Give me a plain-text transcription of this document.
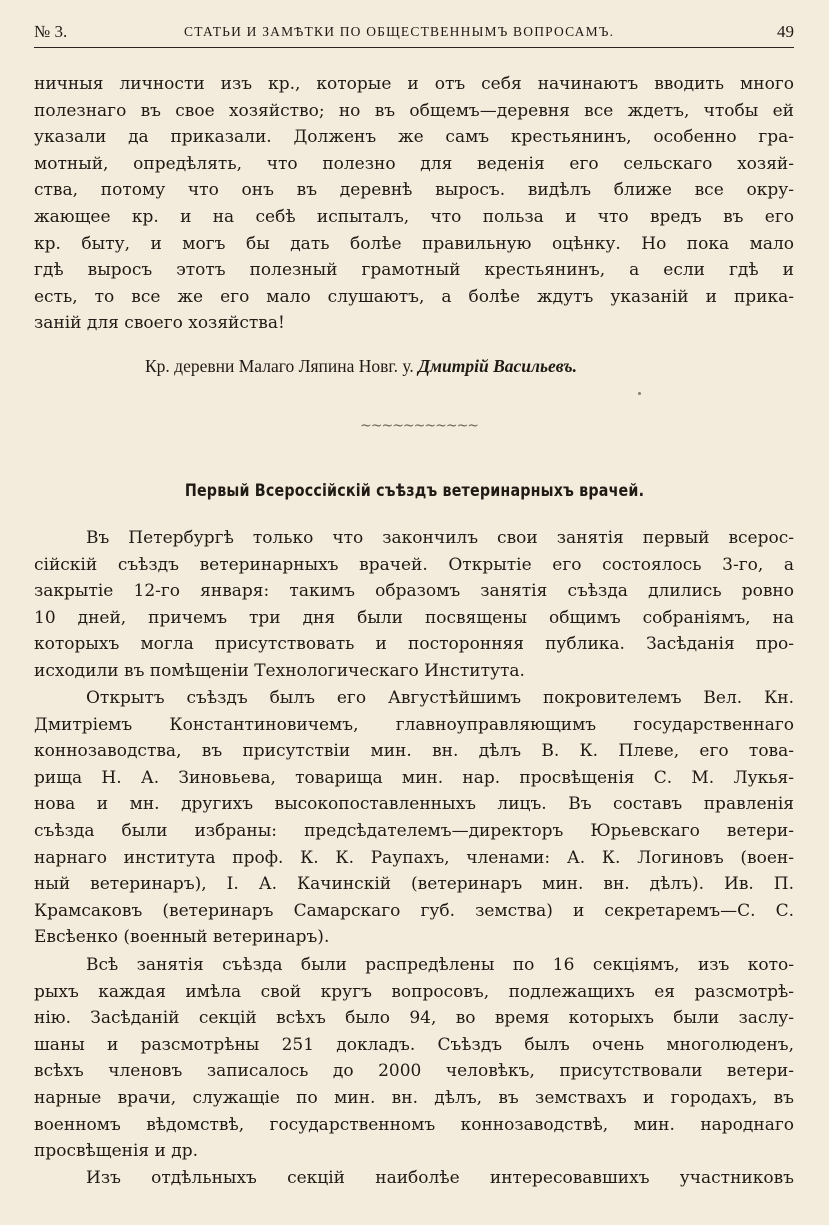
№ 3.	СТАТЬИ И ЗАМѢТКИ ПО ОБЩЕСТВЕННЫМЪ ВОПРОСАМЪ.	49
ничныя личности изъ кр., которые и отъ себя начинаютъ вводить много
полезнаго въ свое хозяйство; но въ общемъ—деревня все ждетъ, чтобы ей
указали да приказали. Долженъ же самъ крестьянинъ, особенно гра-
мотный, опредѣлять, что полезно для веденія его сельскаго хозяй-
ства, потому что онъ въ деревнѣ выросъ. видѣлъ ближе все окру-
жающее кр. и на себѣ испыталъ, что польза и что вредъ въ его
кр. быту, и могъ бы дать болѣе правильную оцѣнку. Но пока мало
гдѣ выросъ этотъ полезный грамотный крестьянинъ, а если гдѣ и
есть, то все же его мало слушаютъ, а болѣе ждутъ указаній и прика-
заній для своего хозяйства!
Кр. деревни Малаго Ляпина Новг. у. Дмитрій Васильевъ.
~~~~~~~~~~~
Первый Всероссійскій съѣздъ ветеринарныхъ врачей.
Въ Петербургѣ только что закончилъ свои занятія первый всерос-
сійскій съѣздъ ветеринарныхъ врачей. Открытіе его состоялось 3-го, а
закрытіе 12-го января: такимъ образомъ занятія съѣзда длились ровно
10 дней, причемъ три дня были посвящены общимъ собраніямъ, на
которыхъ могла присутствовать и посторонняя публика. Засѣданія про-
исходили въ помѣщеніи Технологическаго Института.
Открытъ съѣздъ былъ его Августѣйшимъ покровителемъ Вел. Кн.
Дмитріемъ Константиновичемъ, главноуправляющимъ государственнаго
коннозаводства, въ присутствіи мин. вн. дѣлъ В. К. Плеве, его това-
рища Н. А. Зиновьева, товарища мин. нар. просвѣщенія С. М. Лукья-
нова и мн. другихъ высокопоставленныхъ лицъ. Въ составъ правленія
съѣзда были избраны: предсѣдателемъ—директоръ Юрьевскаго ветери-
нарнаго института проф. К. К. Раупахъ, членами: А. К. Логиновъ (воен-
ный ветеринаръ), І. А. Качинскій (ветеринаръ мин. вн. дѣлъ). Ив. П.
Крамсаковъ (ветеринаръ Самарскаго губ. земства) и секретаремъ—С. С.
Евсѣенко (военный ветеринаръ).
Всѣ занятія съѣзда были распредѣлены по 16 секціямъ, изъ кото-
рыхъ каждая имѣла свой кругъ вопросовъ, подлежащихъ ея разсмотрѣ-
нію. Засѣданій секцій всѣхъ было 94, во время которыхъ были заслу-
шаны и разсмотрѣны 251 докладъ. Съѣздъ былъ очень многолюденъ,
всѣхъ членовъ записалось до 2000 человѣкъ, присутствовали ветери-
нарные врачи, служащіе по мин. вн. дѣлъ, въ земствахъ и городахъ, въ
военномъ вѣдомствѣ, государственномъ коннозаводствѣ, мин. народнаго
просвѣщенія и др.
Изъ отдѣльныхъ секцій наиболѣе интересовавшихъ участниковъ
